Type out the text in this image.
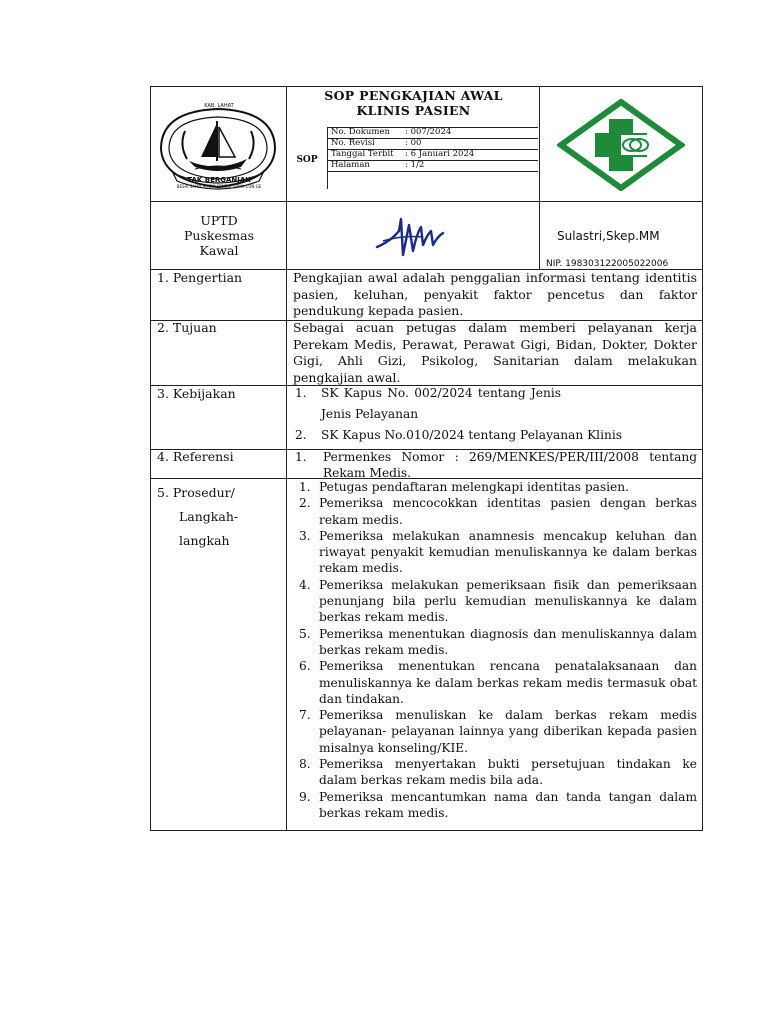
KAB. LAHAT
TAK BERGANJAK
BESAI SAMA BIMBA SENDIE SAMA CUN GE
SOP PENGKAJIAN AWAL
KLINIS PASIEN
SOP
No. Dokumen : 007/2024
No. Revisi	: 00
Tanggal Terbit : 6 Januari 2024
Halaman	: 1/2
UPTD
Puskesmas
Kawal
Sulastri,Skep.MM
NIP. 198303122005022006
1. Pengertian	Pengkajian awal adalah penggalian informasi tentang identitis pasien, keluhan, penyakit faktor pencetus dan faktor pendukung kepada pasien.
2. Tujuan	Sebagai acuan petugas dalam memberi pelayanan kerja Perekam Medis, Perawat, Perawat Gigi, Bidan, Dokter, Dokter Gigi, Ahli Gizi, Psikolog, Sanitarian dalam melakukan pengkajian awal.
3. Kebijakan	1. SK Kapus No. 002/2024 tentang Jenis Jenis Pelayanan
2. SK Kapus No.010/2024 tentang Pelayanan Klinis
4. Referensi	1. Permenkes Nomor : 269/MENKES/PER/III/2008 tentang Rekam Medis.
5. Prosedur/
Langkah-
langkah
1. Petugas pendaftaran melengkapi identitas pasien.
2. Pemeriksa mencocokkan identitas pasien dengan berkas rekam medis.
3. Pemeriksa melakukan anamnesis mencakup keluhan dan riwayat penyakit kemudian menuliskannya ke dalam berkas rekam medis.
4. Pemeriksa melakukan pemeriksaan fisik dan pemeriksaan penunjang bila perlu kemudian menuliskannya ke dalam berkas rekam medis.
5. Pemeriksa menentukan diagnosis dan menuliskannya dalam berkas rekam medis.
6. Pemeriksa menentukan rencana penatalaksanaan dan menuliskannya ke dalam berkas rekam medis termasuk obat dan tindakan.
7. Pemeriksa menuliskan ke dalam berkas rekam medis pelayanan- pelayanan lainnya yang diberikan kepada pasien misalnya konseling/KIE.
8. Pemeriksa menyertakan bukti persetujuan tindakan ke dalam berkas rekam medis bila ada.
9. Pemeriksa mencantumkan nama dan tanda tangan dalam berkas rekam medis.
